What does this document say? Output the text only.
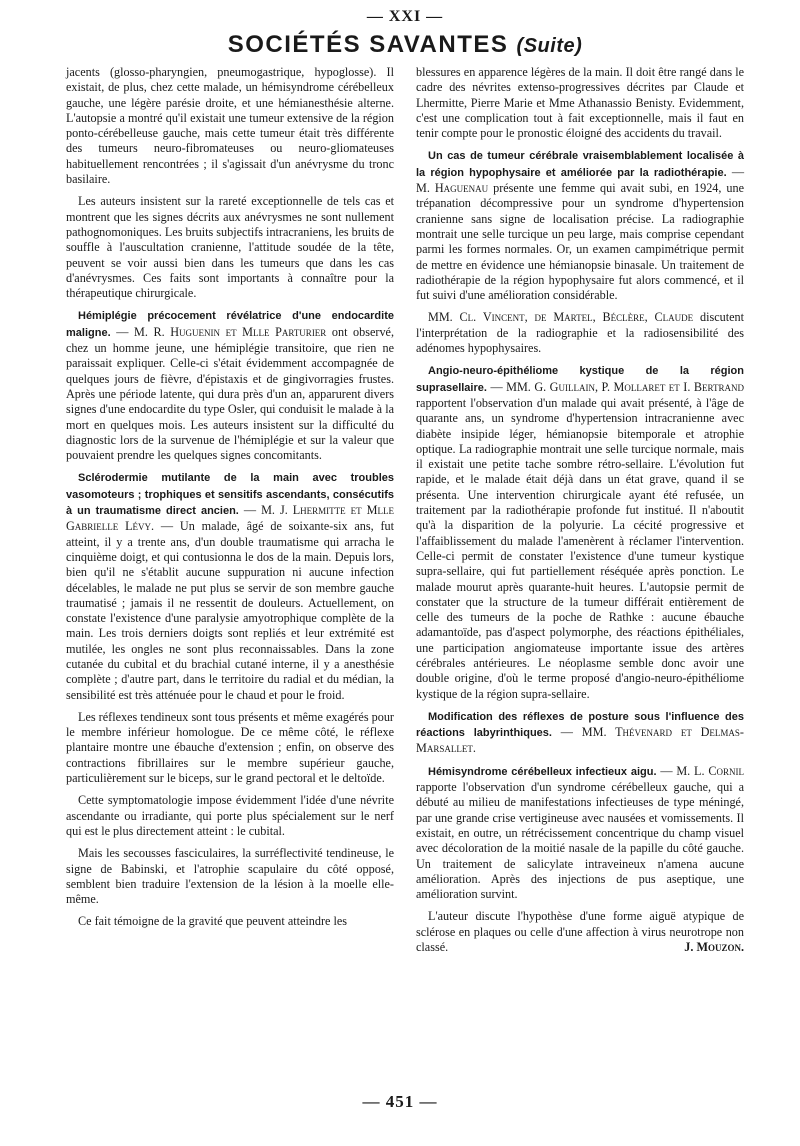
— XXI —
SOCIÉTÉS SAVANTES (Suite)

jacents (glosso-pharyngien, pneumogastrique, hypoglosse). Il existait, de plus, chez cette malade, un hémisyndrome cérébelleux gauche, une légère parésie droite, et une hémianesthésie alterne. L'autopsie a montré qu'il existait une tumeur extensive de la région ponto-cérébelleuse gauche, mais cette tumeur était très différente des tumeurs neuro-fibromateuses ou neuro-gliomateuses habituellement rencontrées ; il s'agissait d'un anévrysme du tronc basilaire.

Les auteurs insistent sur la rareté exceptionnelle de tels cas et montrent que les signes décrits aux anévrysmes ne sont nullement pathognomoniques. Les bruits subjectifs intracraniens, les bruits de souffle à l'auscultation cranienne, l'attitude soudée de la tête, peuvent se voir aussi bien dans les tumeurs que dans les cas d'anévrysmes. Ces faits sont importants à connaître pour la thérapeutique chirurgicale.

Hémiplégie précocement révélatrice d'une endocardite maligne. — M. R. Huguenin et Mlle Parturier ont observé, chez un homme jeune, une hémiplégie transitoire, que rien ne paraissait expliquer. Celle-ci s'était évidemment accompagnée de quelques jours de fièvre, d'épistaxis et de gingivorragies frustes. Après une période latente, qui dura près d'un an, apparurent divers signes d'une endocardite du type Osler, qui conduisit le malade à la mort en quelques mois. Les auteurs insistent sur la difficulté du diagnostic lors de la survenue de l'hémiplégie et sur la valeur que pouvaient prendre les quelques signes concomitants.

Sclérodermie mutilante de la main avec troubles vasomoteurs ; trophiques et sensitifs ascendants, consécutifs à un traumatisme direct ancien. — M. J. Lhermitte et Mlle Gabrielle Lévy. — Un malade, âgé de soixante-six ans, fut atteint, il y a trente ans, d'un double traumatisme qui arracha le cinquième doigt, et qui contusionna le dos de la main. Depuis lors, bien qu'il ne s'établit aucune suppuration ni aucune infection décelables, le malade ne put plus se servir de son membre gauche traumatisé ; jamais il ne ressentit de douleurs. Actuellement, on constate l'existence d'une paralysie amyotrophique complète de la main. Les trois derniers doigts sont repliés et leur extrémité est mutilée, les ongles ne sont plus reconnaissables. Dans la zone cutanée du cubital et du brachial cutané interne, il y a anesthésie complète ; d'autre part, dans le territoire du radial et du médian, la sensibilité est très atténuée pour le chaud et pour le froid.

Les réflexes tendineux sont tous présents et même exagérés pour le membre inférieur homologue. De ce même côté, le réflexe plantaire montre une ébauche d'extension ; enfin, on observe des contractions fibrillaires sur le membre supérieur gauche, particulièrement sur le biceps, sur le grand pectoral et le deltoïde.

Cette symptomatologie impose évidemment l'idée d'une névrite ascendante ou irradiante, qui porte plus spécialement sur le nerf qui est le plus directement atteint : le cubital.

Mais les secousses fasciculaires, la surréflectivité tendineuse, le signe de Babinski, et l'atrophie scapulaire du côté opposé, semblent bien traduire l'extension de la lésion à la moelle elle-même.

Ce fait témoigne de la gravité que peuvent atteindre les

blessures en apparence légères de la main. Il doit être rangé dans le cadre des névrites extenso-progressives décrites par Claude et Lhermitte, Pierre Marie et Mme Athanassio Benisty. Evidemment, c'est une complication tout à fait exceptionnelle, mais il faut en tenir compte pour le pronostic éloigné des accidents du travail.

Un cas de tumeur cérébrale vraisemblablement localisée à la région hypophysaire et améliorée par la radiothérapie. — M. Haguenau présente une femme qui avait subi, en 1924, une trépanation décompressive pour un syndrome d'hypertension cranienne sans signe de localisation précise. La radiographie montrait une selle turcique un peu large, mais comprise cependant parmi les formes normales. Or, un examen campimétrique permit de mettre en évidence une hémianopsie binasale. Un traitement de radiothérapie de la région hypophysaire fut alors commencé, et il fut suivi d'une amélioration considérable.

MM. Cl. Vincent, de Martel, Béclère, Claude discutent l'interprétation de la radiographie et la radiosensibilité des adénomes hypophysaires.

Angio-neuro-épithéliome kystique de la région suprasellaire. — MM. G. Guillain, P. Mollaret et I. Bertrand rapportent l'observation d'un malade qui avait présenté, à l'âge de quarante ans, un syndrome d'hypertension intracranienne avec diabète insipide léger, hémianopsie bitemporale et atrophie optique. La radiographie montrait une selle turcique normale, mais il existait une petite tache sombre rétro-sellaire. L'évolution fut rapide, et le malade était déjà dans un état grave, quand il se présenta. Une intervention chirurgicale ayant été refusée, un traitement par la radiothérapie profonde fut institué. Il n'aboutit qu'à la disparition de la polyurie. La cécité progressive et l'affaiblissement du malade l'amenèrent à réclamer l'intervention. Celle-ci permit de constater l'existence d'une tumeur kystique supra-sellaire, qui fut partiellement réséquée après ponction. Le malade mourut après quarante-huit heures. L'autopsie permit de constater que la structure de la tumeur différait entièrement de celle des tumeurs de la poche de Rathke : aucune ébauche adamantoïde, pas d'aspect polymorphe, des réactions épithéliales, une participation angiomateuse importante issue des artères cérébrales antérieures. Le néoplasme semble donc avoir une double origine, d'où le terme proposé d'angio-neuro-épithéliome kystique de la région supra-sellaire.

Modification des réflexes de posture sous l'influence des réactions labyrinthiques. — MM. Thévenard et Delmas-Marsallet.

Hémisyndrome cérébelleux infectieux aigu. — M. L. Cornil rapporte l'observation d'un syndrome cérébelleux gauche, qui a débuté au milieu de manifestations infectieuses de type méningé, par une grande crise vertigineuse avec nausées et vomissements. Il existait, en outre, un rétrécissement concentrique du champ visuel avec décoloration de la moitié nasale de la papille du côté gauche. Un traitement de salicylate intraveineux n'amena aucune amélioration. Après des injections de pus aseptique, une amélioration survint.

L'auteur discute l'hypothèse d'une forme aiguë atypique de sclérose en plaques ou celle d'une affection à virus neurotrope non classé.	J. Mouzon.

— 451 —
